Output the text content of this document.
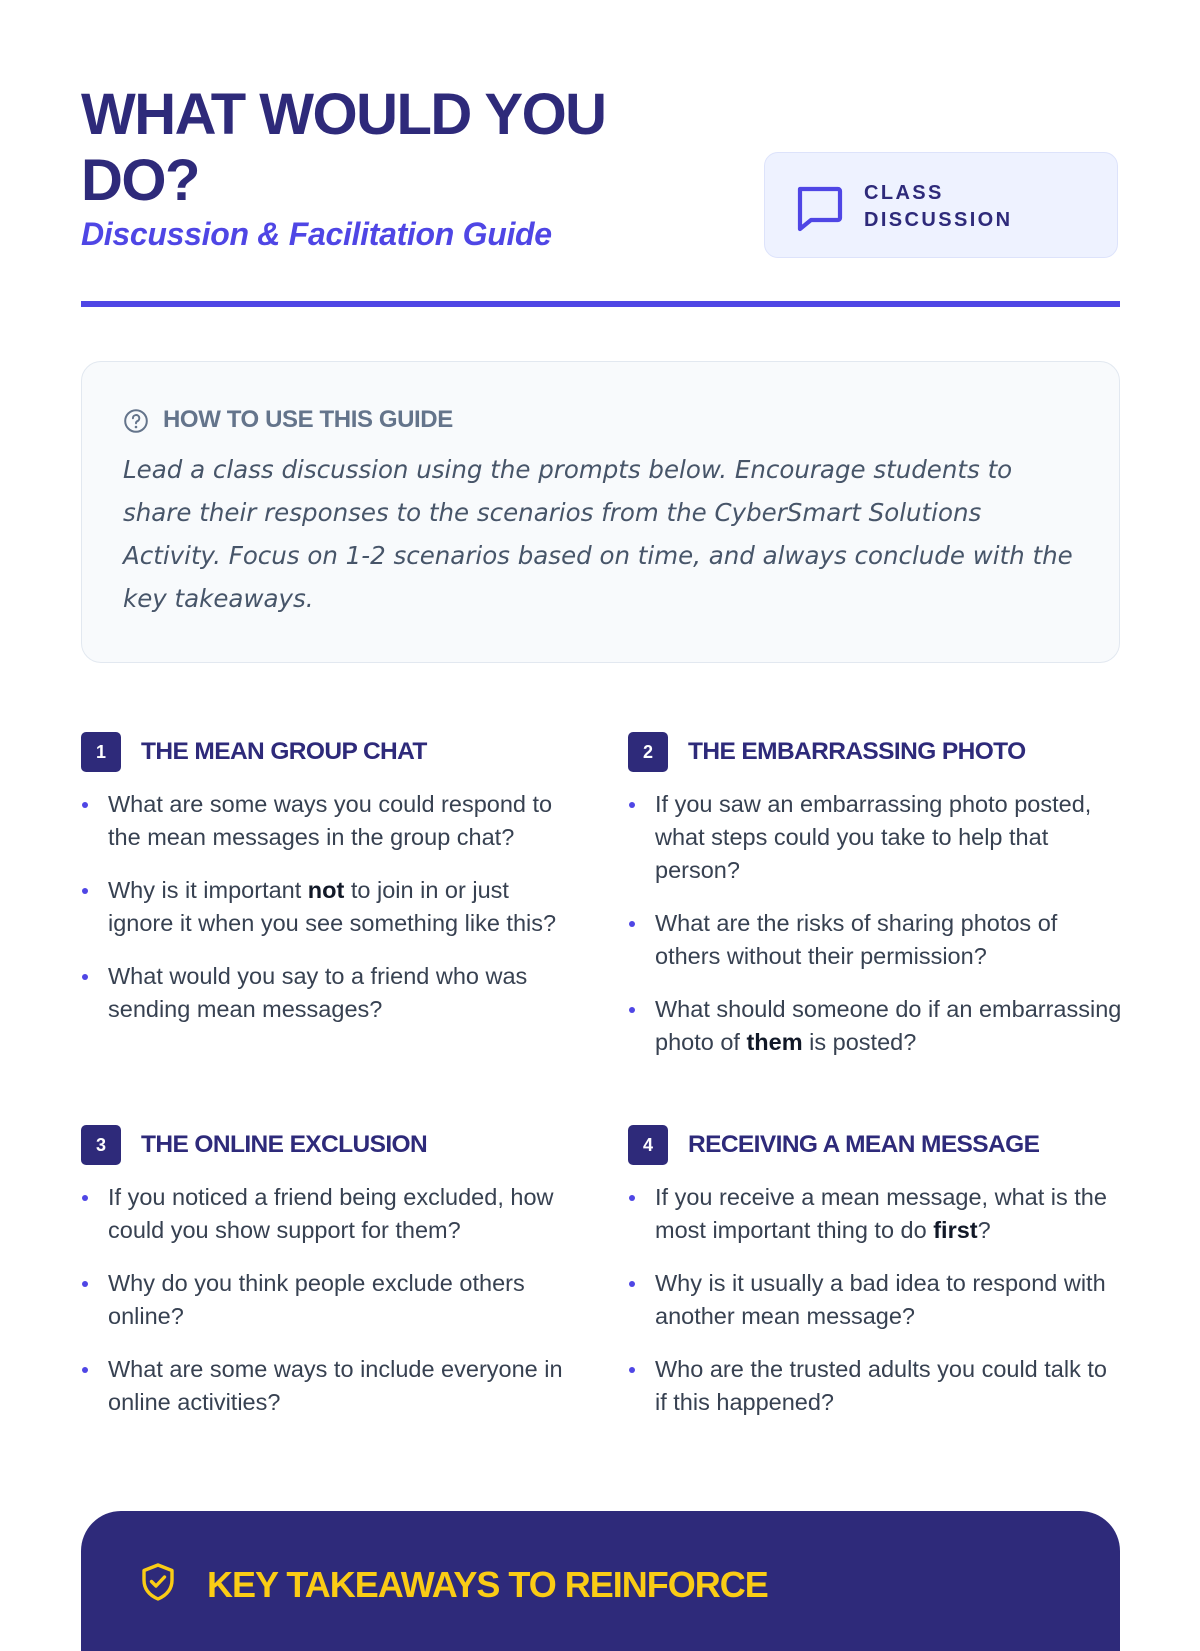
WHAT WOULD YOU DO?

Discussion & Facilitation Guide

CLASS DISCUSSION
HOW TO USE THIS GUIDE

Lead a class discussion using the prompts below. Encourage students to share their responses to the scenarios from the CyberSmart Solutions Activity. Focus on 1-2 scenarios based on time, and always conclude with the key takeaways.

1	THE MEAN GROUP CHAT
What are some ways you could respond to the mean messages in the group chat?
Why is it important not to join in or just ignore it when you see something like this?
What would you say to a friend who was sending mean messages?
2	THE EMBARRASSING PHOTO
If you saw an embarrassing photo posted, what steps could you take to help that person?
What are the risks of sharing photos of others without their permission?
What should someone do if an embarrassing photo of them is posted?
3	THE ONLINE EXCLUSION
If you noticed a friend being excluded, how could you show support for them?
Why do you think people exclude others online?
What are some ways to include everyone in online activities?
4	RECEIVING A MEAN MESSAGE
If you receive a mean message, what is the most important thing to do first?
Why is it usually a bad idea to respond with another mean message?
Who are the trusted adults you could talk to if this happened?
KEY TAKEAWAYS TO REINFORCE
